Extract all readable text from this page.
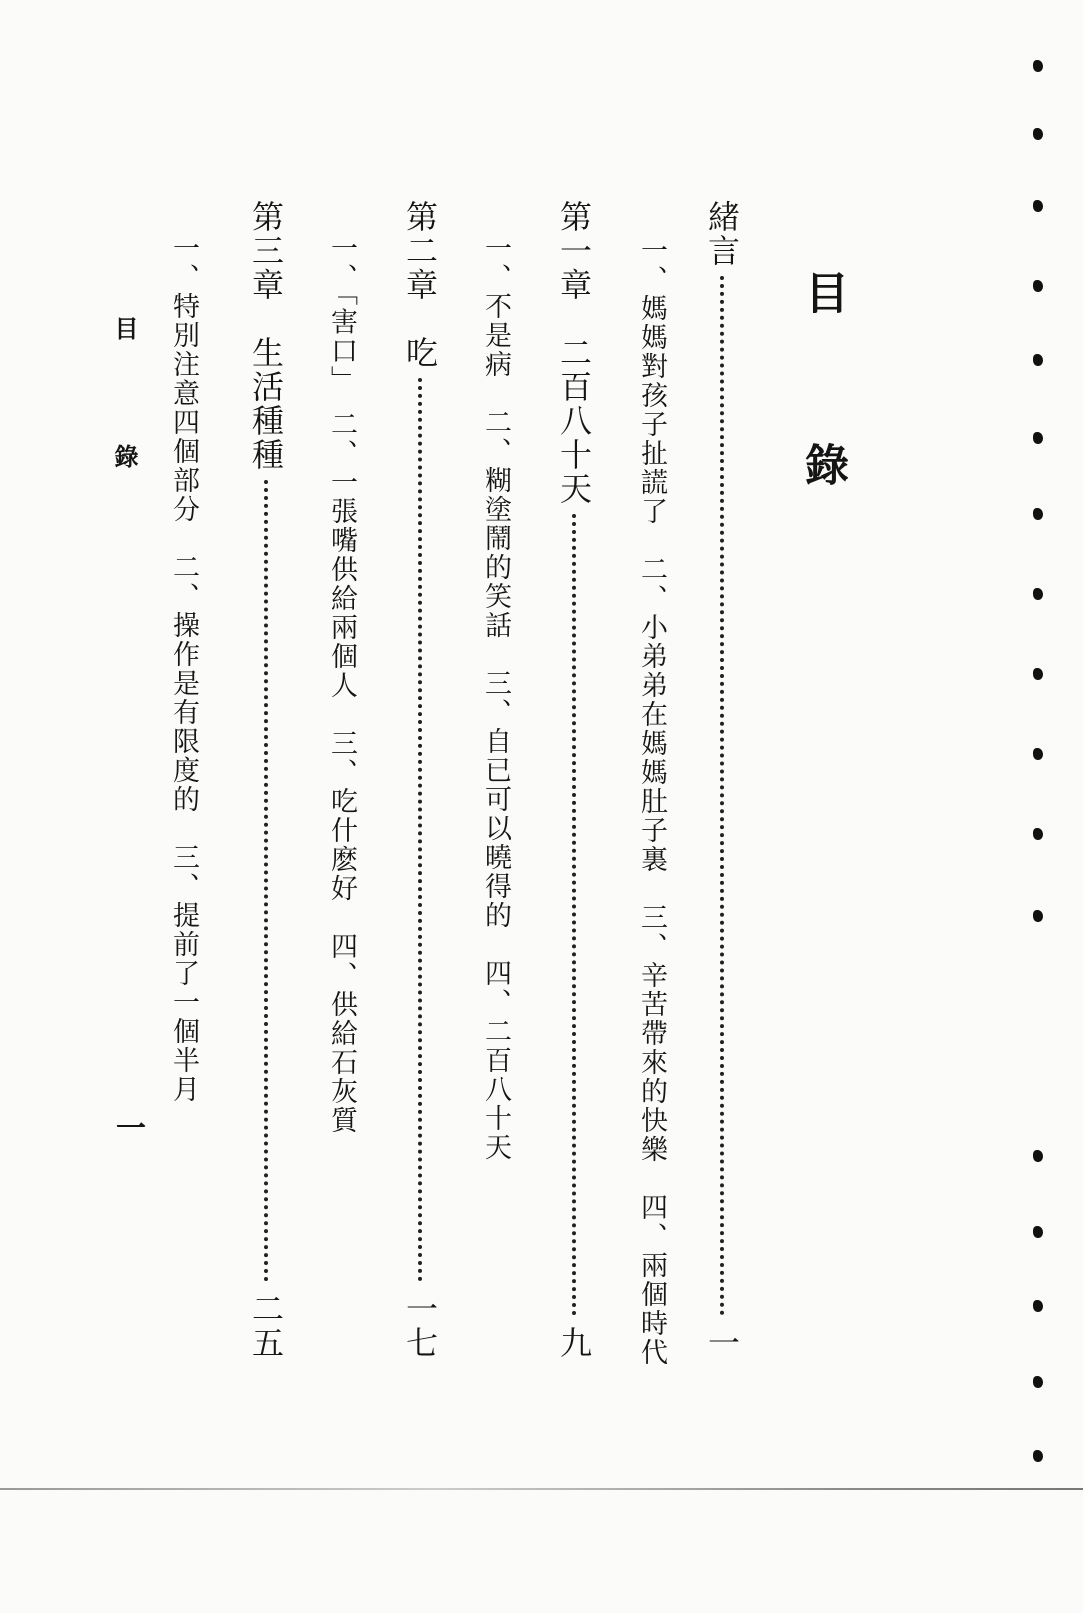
目　錄
緒言
一
一、媽媽對孩子扯謊了　二、小弟弟在媽媽肚子裏　三、辛苦帶來的快樂　四、兩個時代
第一章　二百八十天
九
一、不是病　二、糊塗鬧的笑話　三、自已可以曉得的　四、二百八十天
第二章　吃
一七
一、「害口」　二、一張嘴供給兩個人　三、吃什麽好　四、供給石灰質
第三章　生活種種
二五
一、特別注意四個部分　二、操作是有限度的　三、提前了一個半月
目　錄
一
